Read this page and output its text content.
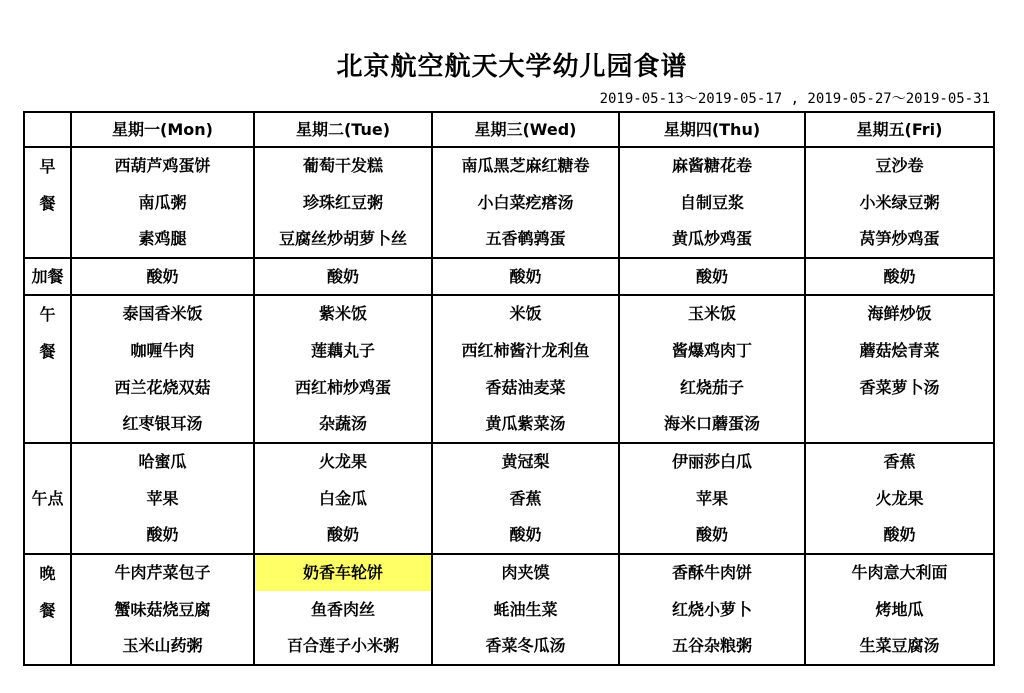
北京航空航天大学幼儿园食谱
2019-05-13～2019-05-17 , 2019-05-27～2019-05-31
	星期一(Mon)	星期二(Tue)	星期三(Wed)	星期四(Thu)	星期五(Fri)

早
餐	西葫芦鸡蛋饼	葡萄干发糕	南瓜黑芝麻红糖卷	麻酱糖花卷	豆沙卷
	南瓜粥	珍珠红豆粥	小白菜疙瘩汤	自制豆浆	小米绿豆粥
	素鸡腿	豆腐丝炒胡萝卜丝	五香鹌鹑蛋	黄瓜炒鸡蛋	莴笋炒鸡蛋
加餐	酸奶	酸奶	酸奶	酸奶	酸奶

午
餐	泰国香米饭	紫米饭	米饭	玉米饭	海鲜炒饭
	咖喱牛肉	莲藕丸子	西红柿酱汁龙利鱼	酱爆鸡肉丁	蘑菇烩青菜
	西兰花烧双菇	西红柿炒鸡蛋	香菇油麦菜	红烧茄子	香菜萝卜汤
	红枣银耳汤	杂蔬汤	黄瓜紫菜汤	海米口蘑蛋汤	
午点	哈蜜瓜	火龙果	黄冠梨	伊丽莎白瓜	香蕉
	苹果	白金瓜	香蕉	苹果	火龙果
	酸奶	酸奶	酸奶	酸奶	酸奶

晚
餐	牛肉芹菜包子	奶香车轮饼	肉夹馍	香酥牛肉饼	牛肉意大利面
	蟹味菇烧豆腐	鱼香肉丝	蚝油生菜	红烧小萝卜	烤地瓜
	玉米山药粥	百合莲子小米粥	香菜冬瓜汤	五谷杂粮粥	生菜豆腐汤
